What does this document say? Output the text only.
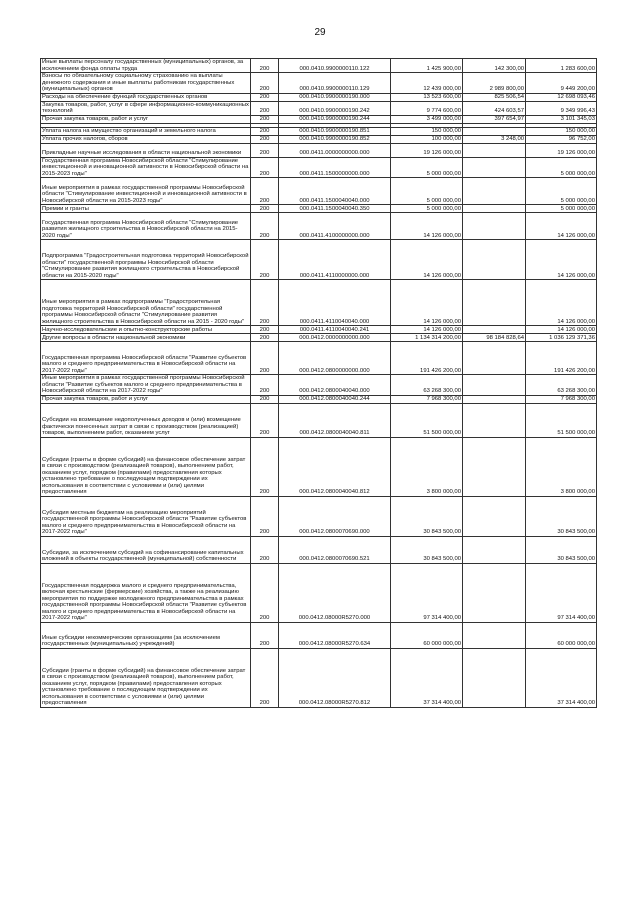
29
Иные выплаты персоналу государственных (муниципальных) органов, за исключением фонда оплаты труда	200	000.0410.9900000110.122	1 425 900,00	142 300,00	1 283 600,00
Взносы по обязательному социальному страхованию на выплаты денежного содержания и иные выплаты работникам государственных (муниципальных) органов	200	000.0410.9900000110.129	12 439 000,00	2 989 800,00	9 449 200,00
Расходы на обеспечение функций государственных органов	200	000.0410.9900000190.000	13 523 600,00	825 506,54	12 698 093,46
Закупка товаров, работ, услуг в сфере информационно-коммуникационных технологий	200	000.0410.9900000190.242	9 774 600,00	424 603,57	9 349 996,43
Прочая закупка товаров, работ и услуг	200	000.0410.9900000190.244	3 499 000,00	397 654,97	3 101 345,03

Уплата налога на имущество организаций и земельного налога	200	000.0410.9900000190.851	150 000,00		150 000,00
Уплата прочих налогов, сборов	200	000.0410.9900000190.852	100 000,00	3 248,00	96 752,00
Прикладные научные исследования в области национальной экономики	200	000.0411.0000000000.000	19 126 000,00		19 126 000,00
Государственная программа Новосибирской области "Стимулирование инвестиционной и инновационной активности в Новосибирской области на 2015-2023 годы"	200	000.0411.1500000000.000	5 000 000,00		5 000 000,00
Иные мероприятия в рамках государственной программы Новосибирской области "Стимулирование инвестиционной и инновационной активности в Новосибирской области на 2015-2023 годы"	200	000.0411.1500040040.000	5 000 000,00		5 000 000,00
Премии и гранты	200	000.0411.1500040040.350	5 000 000,00		5 000 000,00
Государственная программа Новосибирской области "Стимулирование развития жилищного строительства в Новосибирской области на 2015-2020 годы"	200	000.0411.4100000000.000	14 126 000,00		14 126 000,00
Подпрограмма "Градостроительная подготовка территорий Новосибирской области" государственной программы Новосибирской области "Стимулирование развития жилищного строительства в Новосибирской области на 2015-2020 годы"	200	000.0411.4110000000.000	14 126 000,00		14 126 000,00
Иные мероприятия в рамках подпрограммы "Градостроительная подготовка территорий Новосибирской области" государственной программы Новосибирской области "Стимулирование развития жилищного строительства в Новосибирской области на 2015 - 2020 годы"	200	000.0411.4110040040.000	14 126 000,00		14 126 000,00
Научно-исследовательские и опытно-конструкторские работы	200	000.0411.4110040040.241	14 126 000,00		14 126 000,00
Другие вопросы в области национальной экономики	200	000.0412.0000000000.000	1 134 314 200,00	98 184 828,64	1 036 129 371,36
Государственная программа Новосибирской области "Развитие субъектов малого и среднего предпринимательства в Новосибирской области на 2017-2022 годы"	200	000.0412.0800000000.000	191 426 200,00		191 426 200,00
Иные мероприятия в рамках государственной программы Новосибирской области "Развитие субъектов малого и среднего предпринимательства в Новосибирской области на 2017-2022 годы"	200	000.0412.0800040040.000	63 268 300,00		63 268 300,00
Прочая закупка товаров, работ и услуг	200	000.0412.0800040040.244	7 968 300,00		7 968 300,00
Субсидии на возмещение недополученных доходов и (или) возмещение фактически понесенных затрат в связи с производством (реализацией) товаров, выполнением работ, оказанием услуг	200	000.0412.0800040040.811	51 500 000,00		51 500 000,00
Субсидии (гранты в форме субсидий) на финансовое обеспечение затрат в связи с производством (реализацией товаров), выполнением работ, оказанием услуг, порядком (правилами) предоставления которых установлено требование о последующем подтверждении их использования в соответствии с условиями и (или) целями предоставления	200	000.0412.0800040040.812	3 800 000,00		3 800 000,00
Субсидия местным бюджетам на реализацию мероприятий государственной программы Новосибирской области "Развитие субъектов малого и среднего предпринимательства в Новосибирской области на 2017-2022 годы"	200	000.0412.0800070690.000	30 843 500,00		30 843 500,00
Субсидии, за исключением субсидий на софинансирование капитальных вложений в объекты государственной (муниципальной) собственности	200	000.0412.0800070690.521	30 843 500,00		30 843 500,00
Государственная поддержка малого и среднего предпринимательства, включая крестьянские (фермерские) хозяйства, а также на реализацию мероприятия по поддержке молодежного предпринимательства в рамках государственной программы Новосибирской области "Развитие субъектов малого и среднего предпринимательства в Новосибирской области на 2017-2022 годы"	200	000.0412.08000R5270.000	97 314 400,00		97 314 400,00
Иные субсидии некоммерческим организациям (за исключением государственных (муниципальных) учреждений)	200	000.0412.08000R5270.634	60 000 000,00		60 000 000,00
Субсидии (гранты в форме субсидий) на финансовое обеспечение затрат в связи с производством (реализацией товаров), выполнением работ, оказанием услуг, порядком (правилами) предоставления которых установлено требование о последующем подтверждении их использования в соответствии с условиями и (или) целями предоставления	200	000.0412.08000R5270.812	37 314 400,00		37 314 400,00
